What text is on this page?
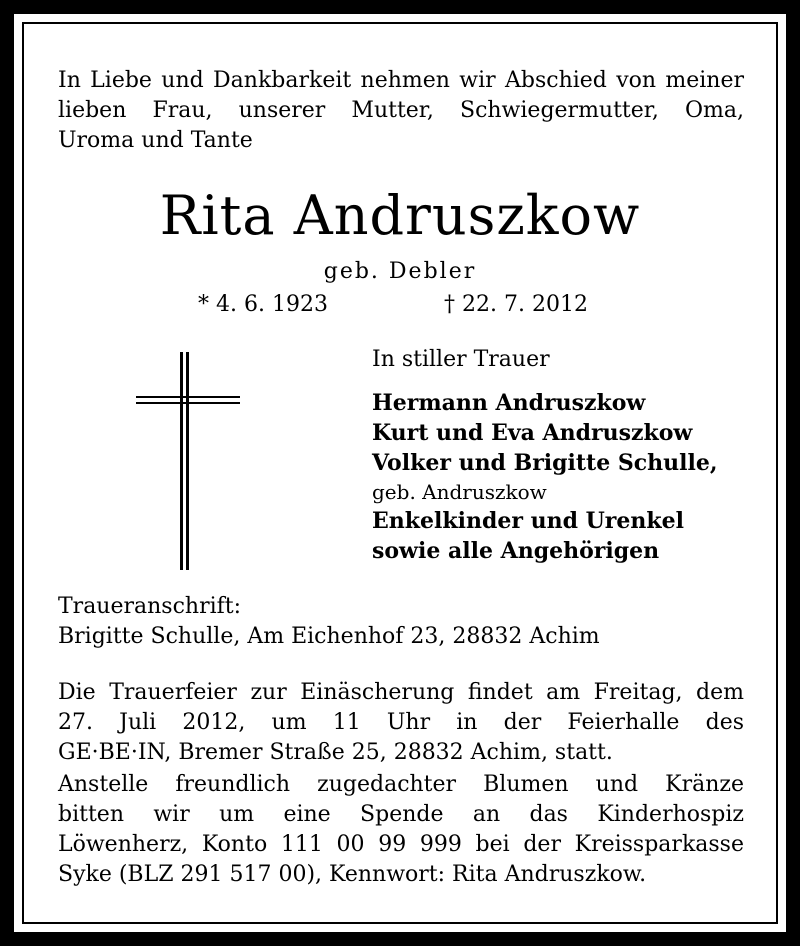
In Liebe und Dankbarkeit nehmen wir Abschied von meiner
lieben Frau, unserer Mutter, Schwiegermutter, Oma,
Uroma und Tante
Rita Andruszkow
geb. Debler
* 4. 6. 1923	† 22. 7. 2012
In stiller Trauer
Hermann Andruszkow
Kurt und Eva Andruszkow
Volker und Brigitte Schulle,
geb. Andruszkow
Enkelkinder und Urenkel
sowie alle Angehörigen
Traueranschrift:
Brigitte Schulle, Am Eichenhof 23, 28832 Achim
Die Trauerfeier zur Einäscherung findet am Freitag, dem
27. Juli 2012, um 11 Uhr in der Feierhalle des
GE·BE·IN, Bremer Straße 25, 28832 Achim, statt.
Anstelle freundlich zugedachter Blumen und Kränze
bitten wir um eine Spende an das Kinderhospiz
Löwenherz, Konto 111 00 99 999 bei der Kreissparkasse
Syke (BLZ 291 517 00), Kennwort: Rita Andruszkow.
